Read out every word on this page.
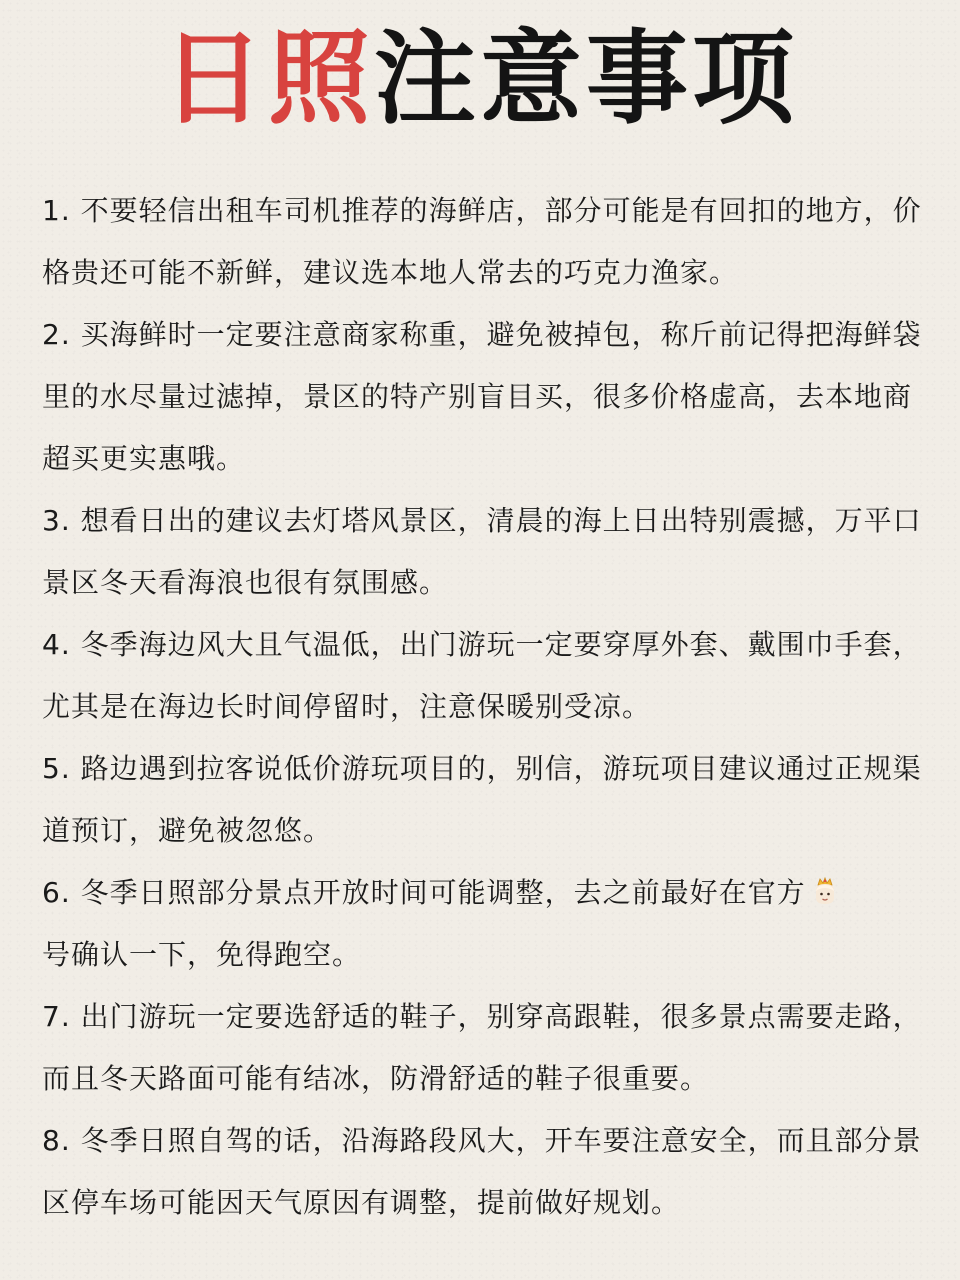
日照注意事项

1. 不要轻信出租车司机推荐的海鲜店，部分可能是有回扣的地方，价格贵还可能不新鲜，建议选本地人常去的巧克力渔家。

2. 买海鲜时一定要注意商家称重，避免被掉包，称斤前记得把海鲜袋里的水尽量过滤掉，景区的特产别盲目买，很多价格虚高，去本地商超买更实惠哦。

3. 想看日出的建议去灯塔风景区，清晨的海上日出特别震撼，万平口景区冬天看海浪也很有氛围感。

4. 冬季海边风大且气温低，出门游玩一定要穿厚外套、戴围巾手套，尤其是在海边长时间停留时，注意保暖别受凉。

5. 路边遇到拉客说低价游玩项目的，别信，游玩项目建议通过正规渠道预订，避免被忽悠。

6. 冬季日照部分景点开放时间可能调整，去之前最好在官方
号确认一下，免得跑空。

7. 出门游玩一定要选舒适的鞋子，别穿高跟鞋，很多景点需要走路，而且冬天路面可能有结冰，防滑舒适的鞋子很重要。

8. 冬季日照自驾的话，沿海路段风大，开车要注意安全，而且部分景区停车场可能因天气原因有调整，提前做好规划。
